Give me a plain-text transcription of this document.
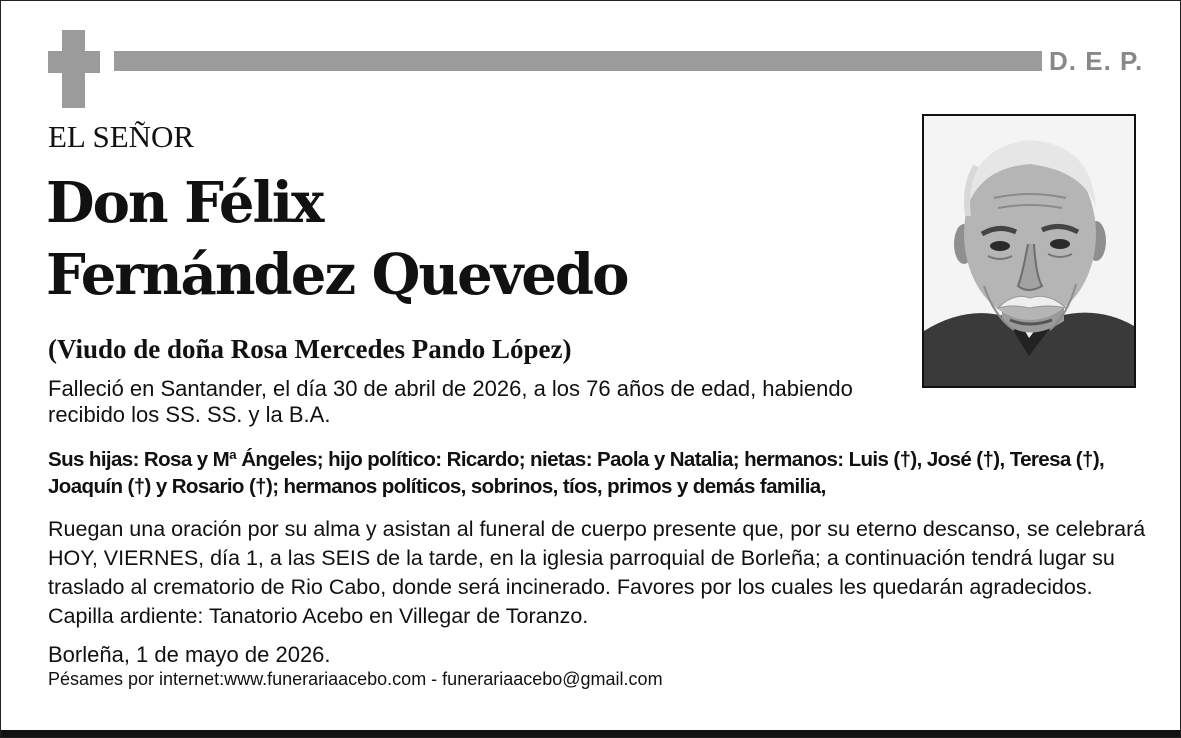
D. E. P.
EL SEÑOR
Don Félix
Fernández Quevedo
(Viudo de doña Rosa Mercedes Pando López)
Falleció en Santander, el día 30 de abril de 2026, a los 76 años de edad, habiendo recibido los SS. SS. y la B.A.
Sus hijas: Rosa y Mª Ángeles; hijo político: Ricardo; nietas: Paola y Natalia; hermanos: Luis (†), José (†), Teresa (†), Joaquín (†) y Rosario (†); hermanos políticos, sobrinos, tíos, primos y demás familia,
Ruegan una oración por su alma y asistan al funeral de cuerpo presente que, por su eterno descanso, se celebrará HOY, VIERNES, día 1, a las SEIS de la tarde, en la iglesia parroquial de Borleña; a continuación tendrá lugar su traslado al crematorio de Rio Cabo, donde será incinerado. Favores por los cuales les quedarán agradecidos. Capilla ardiente: Tanatorio Acebo en Villegar de Toranzo.
Borleña, 1 de mayo de 2026.
Pésames por internet:www.funerariaacebo.com - funerariaacebo@gmail.com
